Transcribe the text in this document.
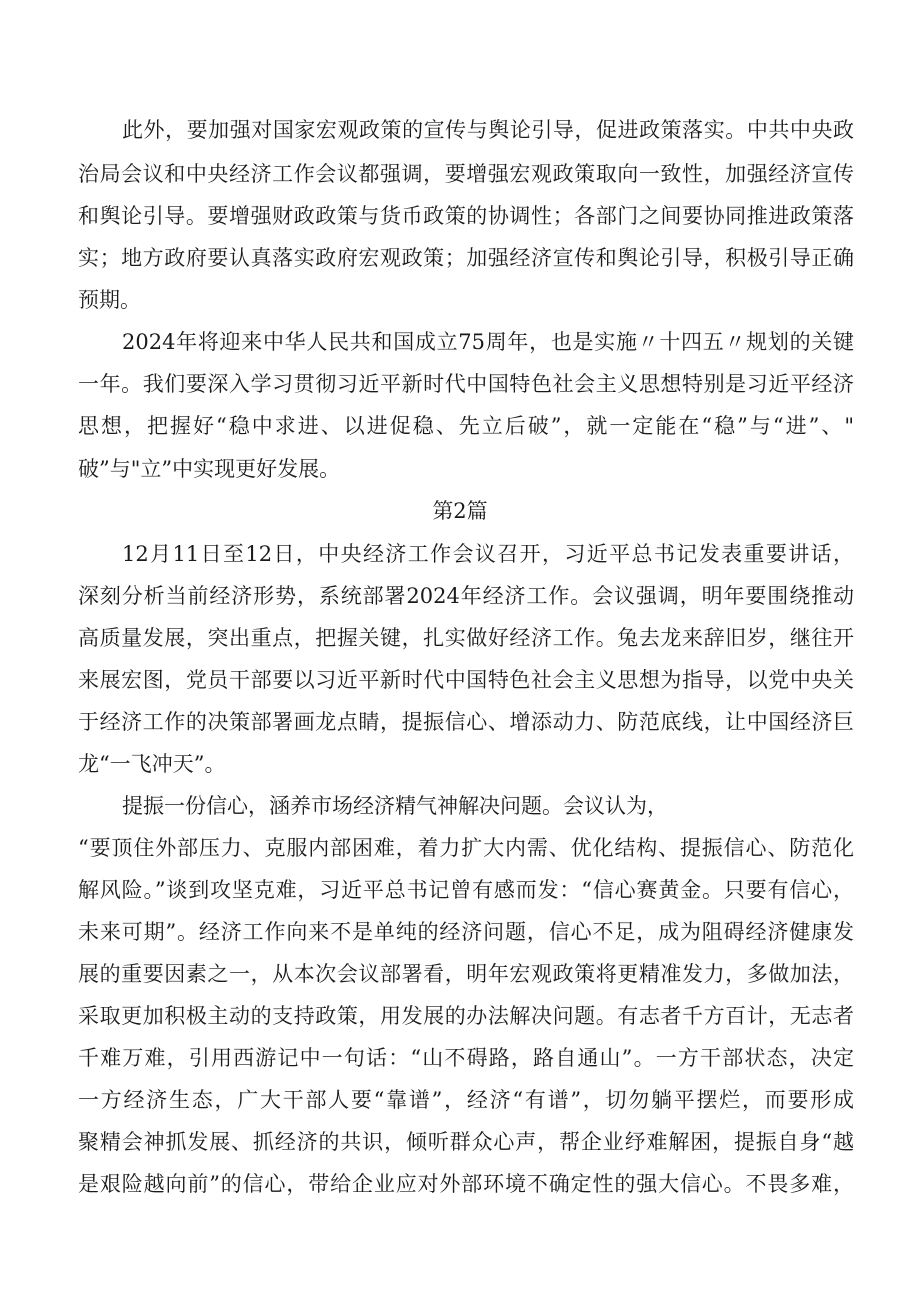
此外，要加强对国家宏观政策的宣传与舆论引导，促进政策落实。中共中央政
治局会议和中央经济工作会议都强调，要增强宏观政策取向一致性，加强经济宣传
和舆论引导。要增强财政政策与货币政策的协调性；各部门之间要协同推进政策落
实；地方政府要认真落实政府宏观政策；加强经济宣传和舆论引导，积极引导正确
预期。
2024年将迎来中华人民共和国成立75周年，也是实施〃十四五〃规划的关键
一年。我们要深入学习贯彻习近平新时代中国特色社会主义思想特别是习近平经济
思想，把握好“稳中求进、以进促稳、先立后破”，就一定能在“稳”与“进”、"
破”与"立”中实现更好发展。
第2篇
12月11日至12日，中央经济工作会议召开，习近平总书记发表重要讲话，
深刻分析当前经济形势，系统部署2024年经济工作。会议强调，明年要围绕推动
高质量发展，突出重点，把握关键，扎实做好经济工作。兔去龙来辞旧岁，继往开
来展宏图，党员干部要以习近平新时代中国特色社会主义思想为指导，以党中央关
于经济工作的决策部署画龙点睛，提振信心、增添动力、防范底线，让中国经济巨
龙“一飞冲天”。
提振一份信心，涵养市场经济精气神解决问题。会议认为，
“要顶住外部压力、克服内部困难，着力扩大内需、优化结构、提振信心、防范化
解风险。”谈到攻坚克难，习近平总书记曾有感而发：“信心赛黄金。只要有信心，
未来可期”。经济工作向来不是单纯的经济问题，信心不足，成为阻碍经济健康发
展的重要因素之一，从本次会议部署看，明年宏观政策将更精准发力，多做加法，
采取更加积极主动的支持政策，用发展的办法解决问题。有志者千方百计，无志者
千难万难，引用西游记中一句话：“山不碍路，路自通山”。一方干部状态，决定
一方经济生态，广大干部人要“靠谱”，经济“有谱”，切勿躺平摆烂，而要形成
聚精会神抓发展、抓经济的共识，倾听群众心声，帮企业纾难解困，提振自身“越
是艰险越向前”的信心，带给企业应对外部环境不确定性的强大信心。不畏多难，
